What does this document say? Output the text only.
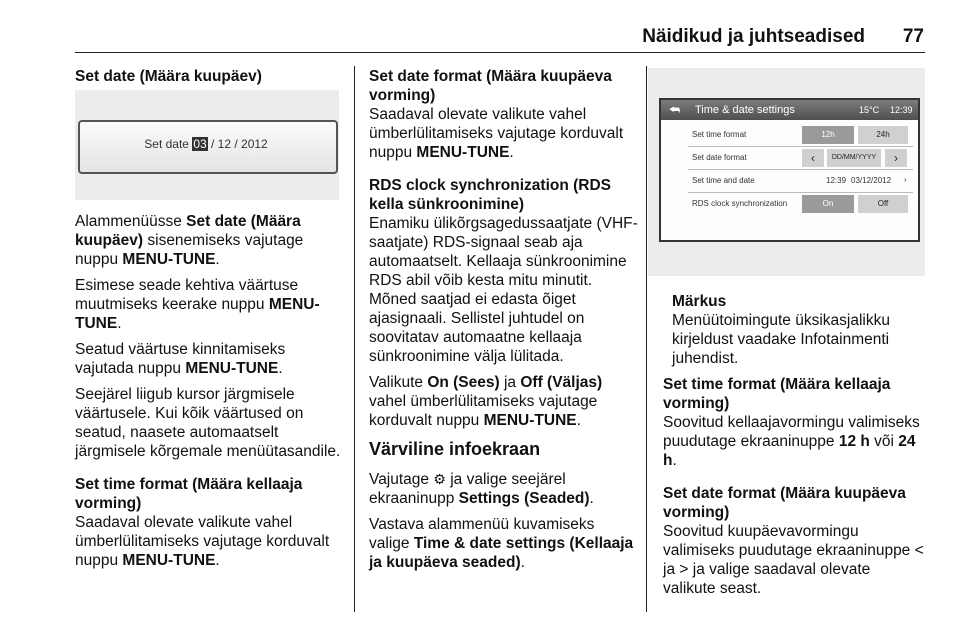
Näidikud ja juhtseadised	77
Set date (Määra kuupäev)
Set date 03 / 12 / 2012

Alammenüüsse Set date (Määra kuupäev) sisenemiseks vajutage nuppu MENU-TUNE.

Esimese seade kehtiva väärtuse muutmiseks keerake nuppu MENU-TUNE.

Seatud väärtuse kinnitamiseks vajutada nuppu MENU-TUNE.

Seejärel liigub kursor järgmisele väärtusele. Kui kõik väärtused on seatud, naasete automaatselt järgmisele kõrgemale menüütasandile.

Set time format (Määra kellaaja vorming)

Saadaval olevate valikute vahel ümberlülitamiseks vajutage korduvalt nuppu MENU-TUNE.

Set date format (Määra kuupäeva vorming)

Saadaval olevate valikute vahel ümberlülitamiseks vajutage korduvalt nuppu MENU-TUNE.

RDS clock synchronization (RDS kella sünkroonimine)

Enamiku ülikõrgsagedussaatjate (VHF-saatjate) RDS-signaal seab aja automaatselt. Kellaaja sünkroonimine RDS abil võib kesta mitu minutit. Mõned saatjad ei edasta õiget ajasignaali. Sellistel juhtudel on soovitatav automaatne kellaaja sünkroonimine välja lülitada.

Valikute On (Sees) ja Off (Väljas) vahel ümberlülitamiseks vajutage korduvalt nuppu MENU-TUNE.

Värviline infoekraan

Vajutage ⚙ ja valige seejärel ekraaninupp Settings (Seaded).

Vastava alammenüü kuvamiseks valige Time & date settings (Kellaaja ja kuupäeva seaded).

⮪ Time & date settings	15°C 12:39
Set time format	12h	24h
Set date format	‹	DD/MM/YYYY	›
Set time and date	12:39 03/12/2012 ›
RDS clock synchronization	On	Off
Märkus

Menüütoimingute üksikasjalikku kirjeldust vaadake Infotainmenti juhendist.

Set time format (Määra kellaaja vorming)

Soovitud kellaajavormingu valimiseks puudutage ekraaninuppe 12 h või 24 h.

Set date format (Määra kuupäeva vorming)

Soovitud kuupäevavormingu valimiseks puudutage ekraaninuppe < ja > ja valige saadaval olevate valikute seast.
